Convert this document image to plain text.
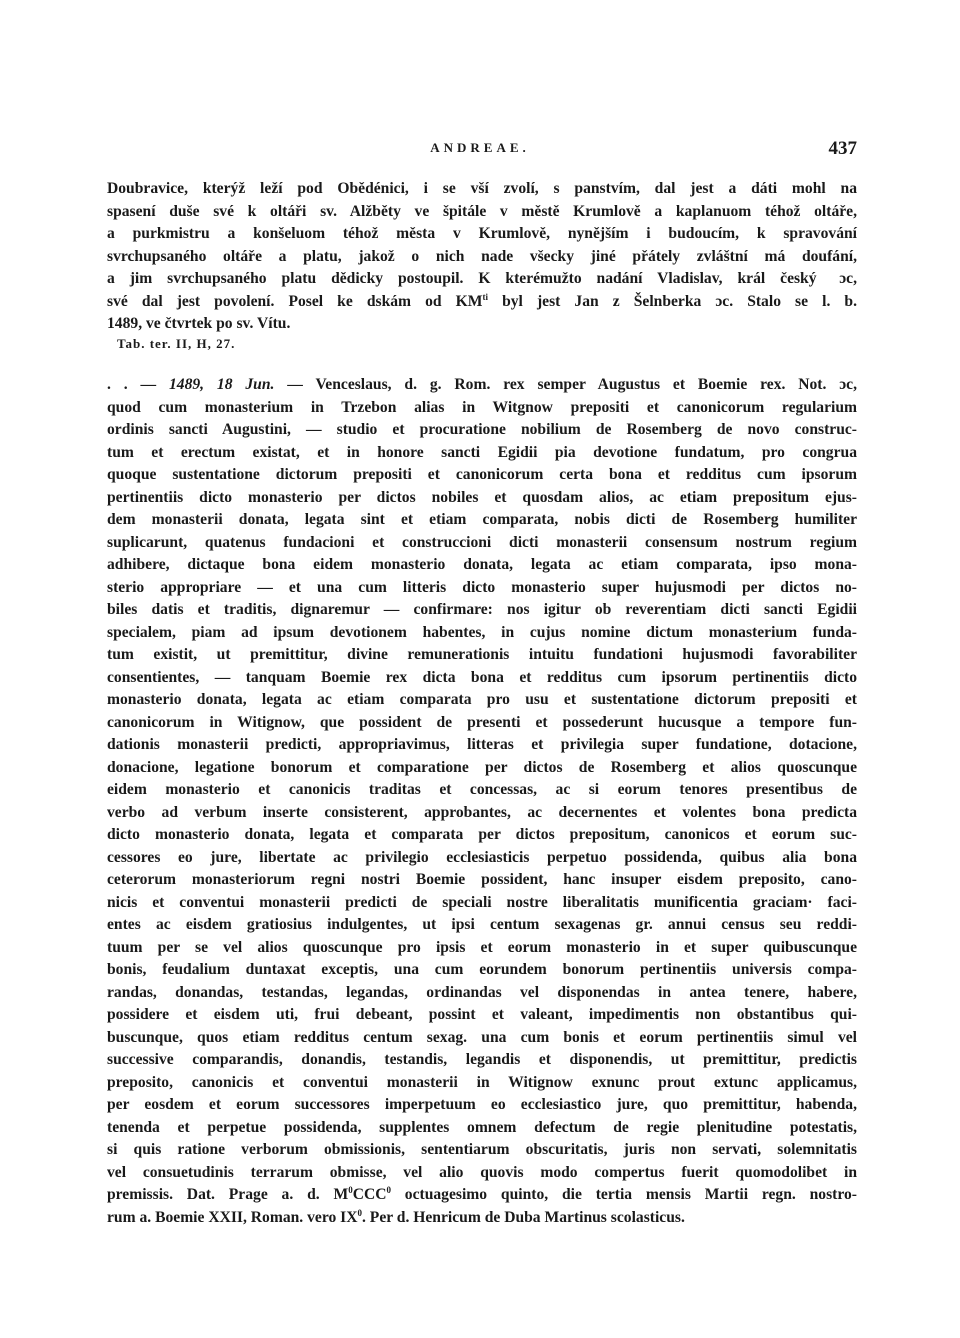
ANDREAE.	437
Doubravice, kterýž leží pod Obědénici, i se vší zvolí, s panstvím, dal jest a dáti mohl na
spasení duše své k oltáři sv. Alžběty ve špitále v městě Krumlově a kaplanuom téhož oltáře,
a purkmistru a konšeluom téhož města v Krumlově, nynějším i budoucím, k spravování
svrchupsaného oltáře a platu, jakož o nich nade všecky jiné přátely zvláštní má doufání,
a jim svrchupsaného platu dědicky postoupil. K kterémužto nadání Vladislav, král český  ɔc,
své dal jest povolení. Posel ke dskám od $KM^{ti}$ byl jest Jan z Šelnberka ɔc. Stalo se l. b.
1489, ve čtvrtek po sv. Vítu.
Tab. ter. II, H, 27.
. . — 1489, 18 Jun. — Venceslaus, d. g. Rom. rex semper Augustus et Boemie rex. Not. ɔc,
quod cum monasterium in Trzebon alias in Witgnow prepositi et canonicorum regularium
ordinis sancti Augustini, — studio et procuratione nobilium de Rosemberg de novo construc-
tum et erectum existat, et in honore sancti Egidii pia devotione fundatum, pro congrua
quoque sustentatione dictorum prepositi et canonicorum certa bona et redditus cum ipsorum
pertinentiis dicto monasterio per dictos nobiles et quosdam alios, ac etiam prepositum ejus-
dem monasterii donata, legata sint et etiam comparata, nobis dicti de Rosemberg humiliter
suplicarunt, quatenus fundacioni et construccioni dicti monasterii consensum nostrum regium
adhibere, dictaque bona eidem monasterio donata, legata ac etiam comparata, ipso mona-
sterio appropriare — et una cum litteris dicto monasterio super hujusmodi per dictos no-
biles datis et traditis, dignaremur — confirmare: nos igitur ob reverentiam dicti sancti Egidii
specialem, piam ad ipsum devotionem habentes, in cujus nomine dictum monasterium funda-
tum existit, ut premittitur, divine remunerationis intuitu fundationi hujusmodi favorabiliter
consentientes, — tanquam Boemie rex dicta bona et redditus cum ipsorum pertinentiis dicto
monasterio donata, legata ac etiam comparata pro usu et sustentatione dictorum prepositi et
canonicorum in Witignow, que possident de presenti et possederunt hucusque a tempore fun-
dationis monasterii predicti, appropriavimus, litteras et privilegia super fundatione, dotacione,
donacione, legatione bonorum et comparatione per dictos de Rosemberg et alios quoscunque
eidem monasterio et canonicis traditas et concessas, ac si eorum tenores presentibus de
verbo ad verbum inserte consisterent, approbantes, ac decernentes et volentes bona predicta
dicto monasterio donata, legata et comparata per dictos prepositum, canonicos et eorum suc-
cessores eo jure, libertate ac privilegio ecclesiasticis perpetuo possidenda, quibus alia bona
ceterorum monasteriorum regni nostri Boemie possident, hanc insuper eisdem preposito, cano-
nicis et conventui monasterii predicti de speciali nostre liberalitatis munificentia graciam· faci-
entes ac eisdem gratiosius indulgentes, ut ipsi centum sexagenas gr. annui census seu reddi-
tuum per se vel alios quoscunque pro ipsis et eorum monasterio in et super quibuscunque
bonis, feudalium duntaxat exceptis, una cum eorundem bonorum pertinentiis universis compa-
randas, donandas, testandas, legandas, ordinandas vel disponendas in antea tenere, habere,
possidere et eisdem uti, frui debeant, possint et valeant, impedimentis non obstantibus qui-
buscunque, quos etiam redditus centum sexag. una cum bonis et eorum pertinentiis simul vel
successive comparandis, donandis, testandis, legandis et disponendis, ut premittitur, predictis
preposito, canonicis et conventui monasterii in Witignow exnunc prout extunc applicamus,
per eosdem et eorum successores imperpetuum eo ecclesiastico jure, quo premittitur, habenda,
tenenda et perpetue possidenda, supplentes omnem defectum de regie plenitudine potestatis,
si quis ratione verborum obmissionis, sententiarum obscuritatis, juris non servati, solemnitatis
vel consuetudinis terrarum obmisse, vel alio quovis modo compertus fuerit quomodolibet in
premissis. Dat. Prage a. d. $M^0CCC^0$ octuagesimo quinto, die tertia mensis Martii regn. nostro-
rum a. Boemie XXII, Roman. vero $IX^0$. Per d. Henricum de Duba Martinus scolasticus.
